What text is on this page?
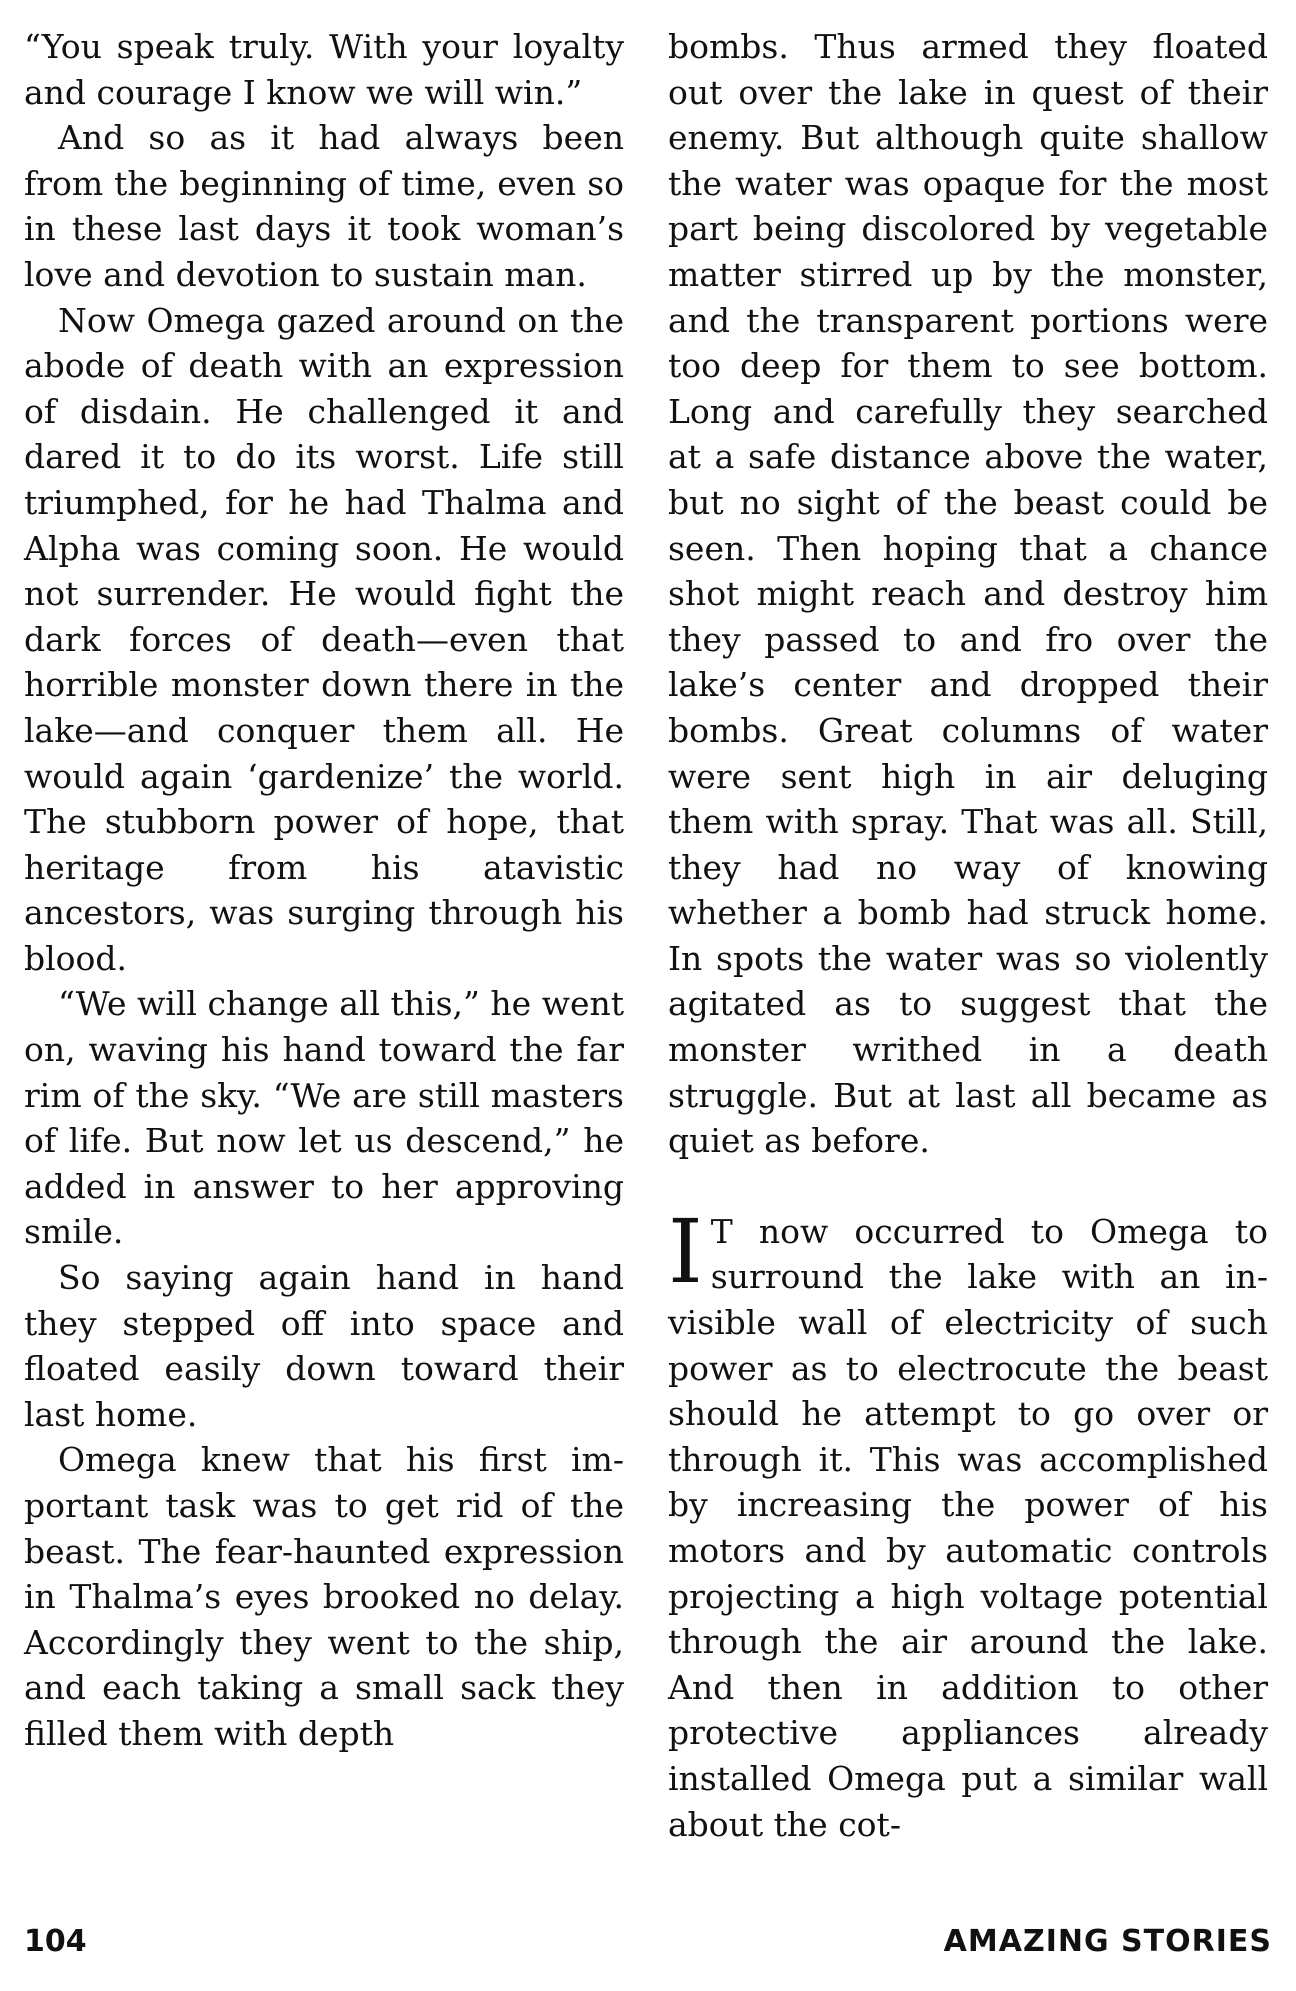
“You speak truly. With your loyalty and courage I know we will win.”

And so as it had always been from the beginning of time, even so in these last days it took woman’s love and devotion to sustain man.

Now Omega gazed around on the abode of death with an expression of disdain. He challenged it and dared it to do its worst. Life still triumphed, for he had Thalma and Alpha was coming soon. He would not surrender. He would fight the dark forces of death—even that horrible monster down there in the lake—and conquer them all. He would again ‘gardenize’ the world. The stubborn power of hope, that heritage from his atavistic ancestors, was surging through his blood.

“We will change all this,” he went on, waving his hand toward the far rim of the sky. “We are still masters of life. But now let us descend,” he added in answer to her approving smile.

So saying again hand in hand they stepped off into space and floated easily down toward their last home.

Omega knew that his first important task was to get rid of the beast. The fear-haunted expression in Thalma’s eyes brooked no delay. Accordingly they went to the ship, and each taking a small sack they filled them with depth

bombs. Thus armed they floated out over the lake in quest of their enemy. But although quite shallow the water was opaque for the most part being discolored by vegetable matter stirred up by the monster, and the transparent portions were too deep for them to see bottom. Long and carefully they searched at a safe distance above the water, but no sight of the beast could be seen. Then hoping that a chance shot might reach and destroy him they passed to and fro over the lake’s center and dropped their bombs. Great columns of water were sent high in air deluging them with spray. That was all. Still, they had no way of knowing whether a bomb had struck home. In spots the water was so violently agitated as to suggest that the monster writhed in a death struggle. But at last all became as quiet as before.

I T now occurred to Omega to surround the lake with an invisible wall of electricity of such power as to electrocute the beast should he attempt to go over or through it. This was accomplished by increasing the power of his motors and by automatic controls projecting a high voltage potential through the air around the lake. And then in addition to other protective appliances already installed Omega put a similar wall about the cot-

104	AMAZING STORIES
